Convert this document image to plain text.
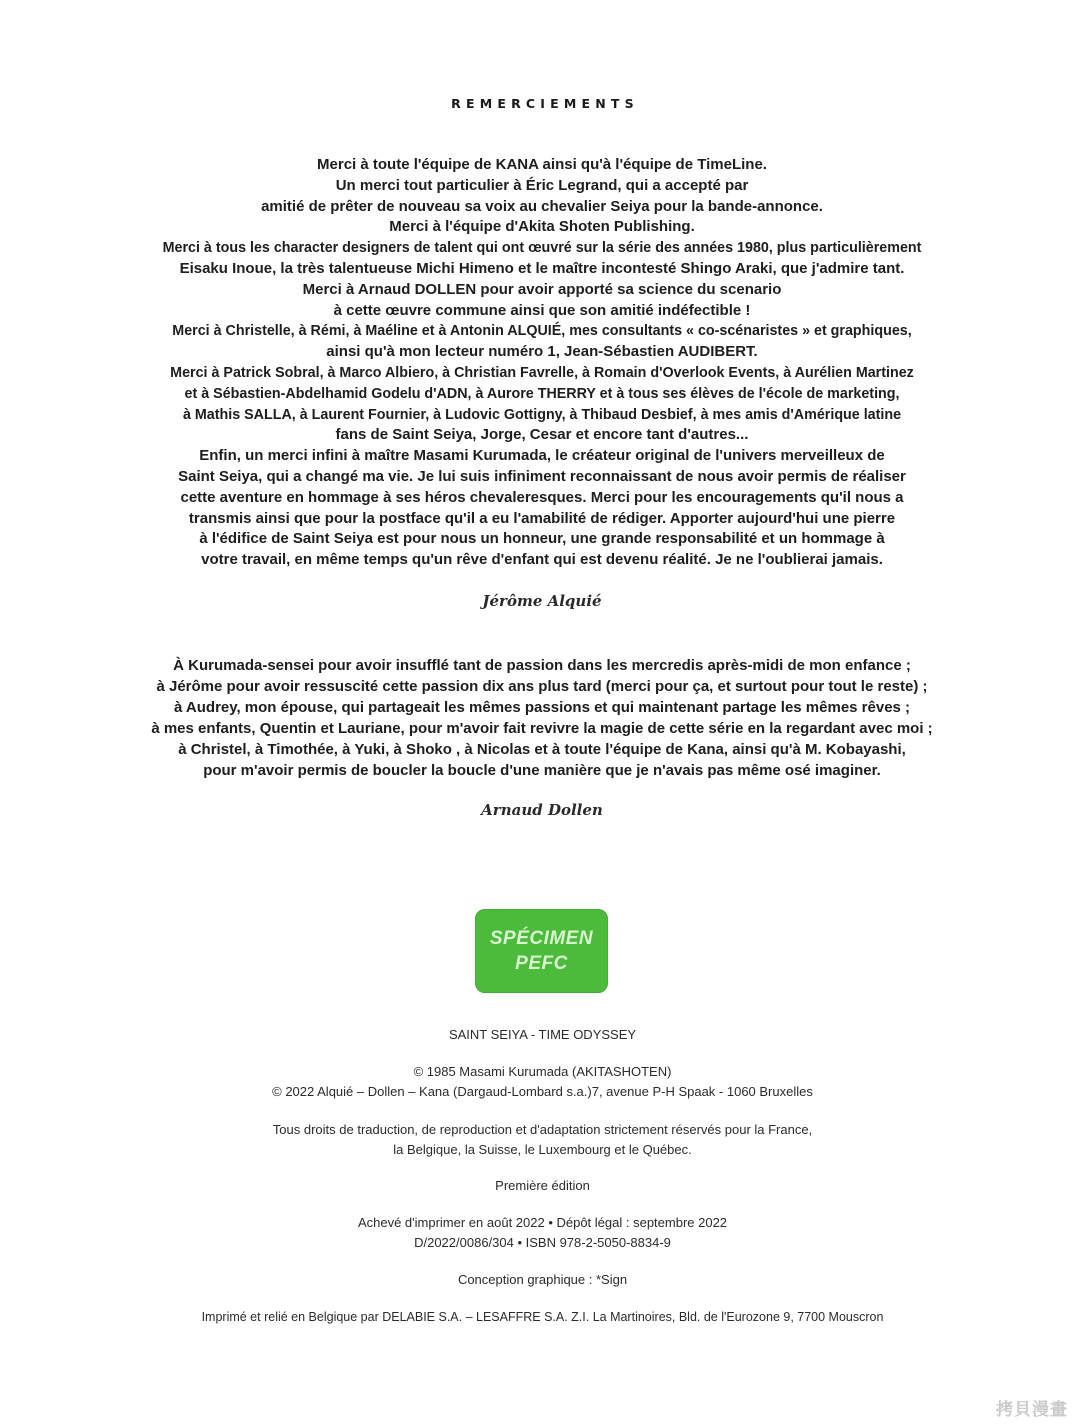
REMERCIEMENTS
Merci à toute l'équipe de KANA ainsi qu'à l'équipe de TimeLine.
Un merci tout particulier à Éric Legrand, qui a accepté par
amitié de prêter de nouveau sa voix au chevalier Seiya pour la bande-annonce.
Merci à l'équipe d'Akita Shoten Publishing.
Merci à tous les character designers de talent qui ont œuvré sur la série des années 1980, plus particulièrement
Eisaku Inoue, la très talentueuse Michi Himeno et le maître incontesté Shingo Araki, que j'admire tant.
Merci à Arnaud DOLLEN pour avoir apporté sa science du scenario
à cette œuvre commune ainsi que son amitié indéfectible !
Merci à Christelle, à Rémi, à Maéline et à Antonin ALQUIÉ, mes consultants « co-scénaristes » et graphiques,
ainsi qu'à mon lecteur numéro 1, Jean-Sébastien AUDIBERT.
Merci à Patrick Sobral, à Marco Albiero, à Christian Favrelle, à Romain d'Overlook Events, à Aurélien Martinez
et à Sébastien-Abdelhamid Godelu d'ADN, à Aurore THERRY et à tous ses élèves de l'école de marketing,
à Mathis SALLA, à Laurent Fournier, à Ludovic Gottigny, à Thibaud Desbief, à mes amis d'Amérique latine
fans de Saint Seiya, Jorge, Cesar et encore tant d'autres...
Enfin, un merci infini à maître Masami Kurumada, le créateur original de l'univers merveilleux de
Saint Seiya, qui a changé ma vie. Je lui suis infiniment reconnaissant de nous avoir permis de réaliser
cette aventure en hommage à ses héros chevaleresques. Merci pour les encouragements qu'il nous a
transmis ainsi que pour la postface qu'il a eu l'amabilité de rédiger. Apporter aujourd'hui une pierre
à l'édifice de Saint Seiya est pour nous un honneur, une grande responsabilité et un hommage à
votre travail, en même temps qu'un rêve d'enfant qui est devenu réalité. Je ne l'oublierai jamais.
Jérôme Alquié
À Kurumada-sensei pour avoir insufflé tant de passion dans les mercredis après-midi de mon enfance ;
à Jérôme pour avoir ressuscité cette passion dix ans plus tard (merci pour ça, et surtout pour tout le reste) ;
à Audrey, mon épouse, qui partageait les mêmes passions et qui maintenant partage les mêmes rêves ;
à mes enfants, Quentin et Lauriane, pour m'avoir fait revivre la magie de cette série en la regardant avec moi ;
à Christel, à Timothée, à Yuki, à Shoko , à Nicolas et à toute l'équipe de Kana, ainsi qu'à M. Kobayashi,
pour m'avoir permis de boucler la boucle d'une manière que je n'avais pas même osé imaginer.
Arnaud Dollen
SPÉCIMEN
PEFC
SAINT SEIYA - TIME ODYSSEY
© 1985 Masami Kurumada (AKITASHOTEN)
© 2022 Alquié – Dollen – Kana (Dargaud-Lombard s.a.)7, avenue P-H Spaak - 1060 Bruxelles
Tous droits de traduction, de reproduction et d'adaptation strictement réservés pour la France,
la Belgique, la Suisse, le Luxembourg et le Québec.
Première édition
Achevé d'imprimer en août 2022 • Dépôt légal : septembre 2022
D/2022/0086/304 • ISBN 978-2-5050-8834-9
Conception graphique : *Sign
Imprimé et relié en Belgique par DELABIE S.A. – LESAFFRE S.A. Z.I. La Martinoires, Bld. de l'Eurozone 9, 7700 Mouscron
拷貝漫畫
